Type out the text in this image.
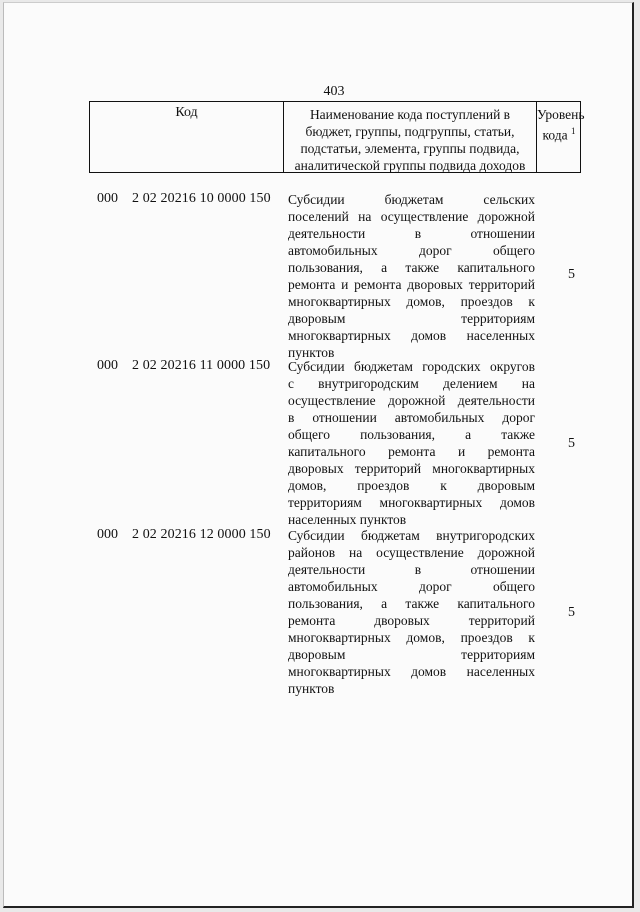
403
Код	Наименование кода поступлений в
бюджет, группы, подгруппы, статьи,
подстатьи, элемента, группы подвида,
аналитической группы подвида доходов
Уровень
кода $^1$
000 2 02 20216 10 0000 150 Субсидии бюджетам сельских
поселений на осуществление дорожной
деятельности в отношении
автомобильных дорог общего
пользования, а также капитального
ремонта и ремонта дворовых территорий
многоквартирных домов, проездов к
дворовым территориям
многоквартирных домов населенных
пунктов
5
000 2 02 20216 11 0000 150 Субсидии бюджетам городских округов
с внутригородским делением на
осуществление дорожной деятельности
в отношении автомобильных дорог
общего пользования, а также
капитального ремонта и ремонта
дворовых территорий многоквартирных
домов, проездов к дворовым
территориям многоквартирных домов
населенных пунктов
5
000 2 02 20216 12 0000 150 Субсидии бюджетам внутригородских
районов на осуществление дорожной
деятельности в отношении
автомобильных дорог общего
пользования, а также капитального
ремонта дворовых территорий
многоквартирных домов, проездов к
дворовым территориям
многоквартирных домов населенных
пунктов
5
